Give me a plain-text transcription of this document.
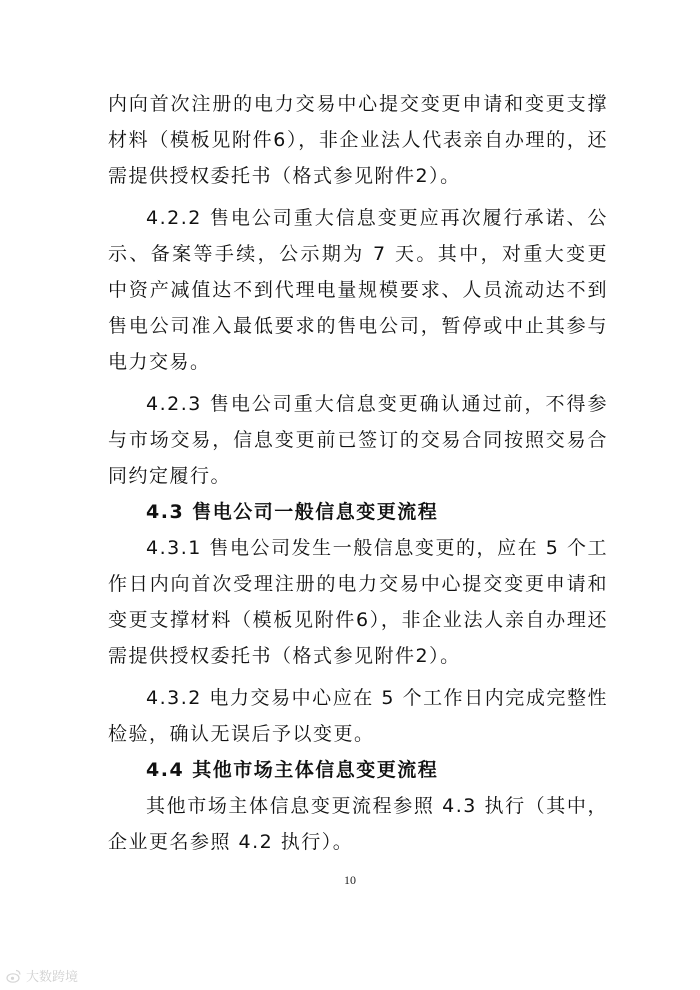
内向首次注册的电力交易中心提交变更申请和变更支撑材料（模板见附件6），非企业法人代表亲自办理的，还需提供授权委托书（格式参见附件2）。

4.2.2 售电公司重大信息变更应再次履行承诺、公示、备案等手续，公示期为 7 天。其中，对重大变更中资产减值达不到代理电量规模要求、人员流动达不到售电公司准入最低要求的售电公司，暂停或中止其参与电力交易。

4.2.3 售电公司重大信息变更确认通过前，不得参与市场交易，信息变更前已签订的交易合同按照交易合同约定履行。

4.3 售电公司一般信息变更流程

4.3.1 售电公司发生一般信息变更的，应在 5 个工作日内向首次受理注册的电力交易中心提交变更申请和变更支撑材料（模板见附件6），非企业法人亲自办理还需提供授权委托书（格式参见附件2）。

4.3.2 电力交易中心应在 5 个工作日内完成完整性检验，确认无误后予以变更。

4.4 其他市场主体信息变更流程

其他市场主体信息变更流程参照 4.3 执行（其中，企业更名参照 4.2 执行）。

10
大数跨境
